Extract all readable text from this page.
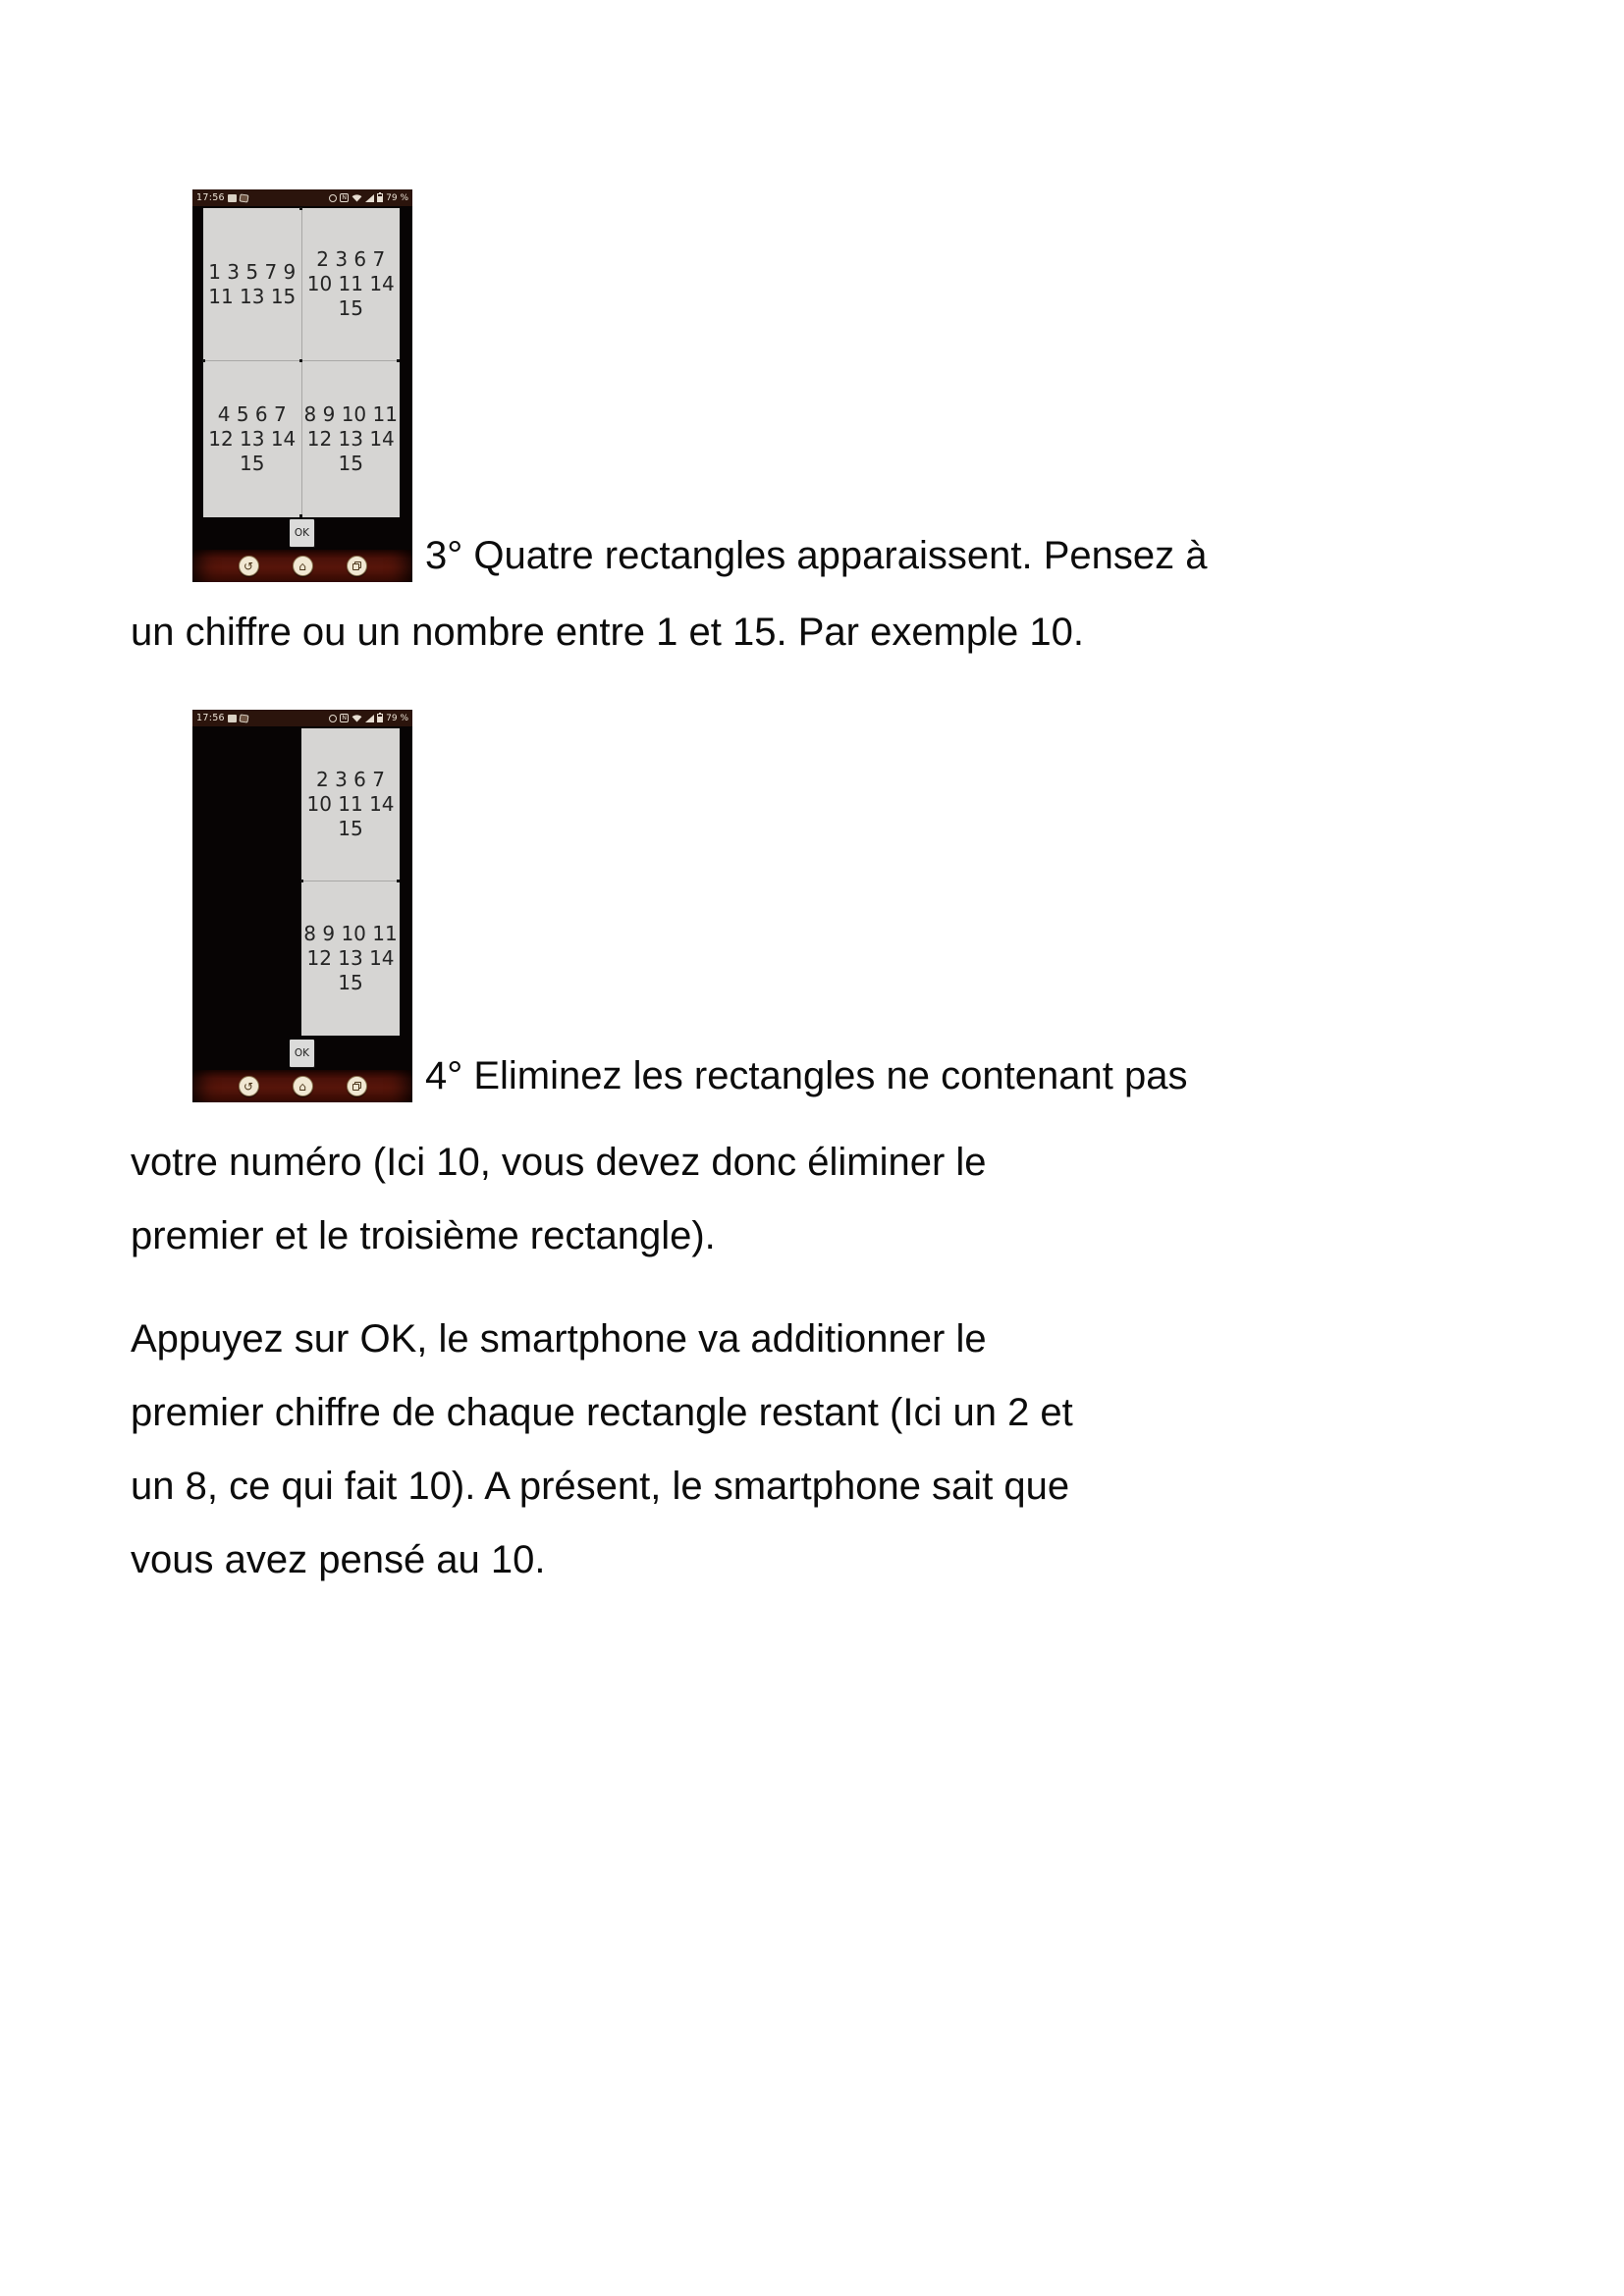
17:56	N	79 %
1 3 5 7 9
11 13 15
2 3 6 7
10 11 14
15
4 5 6 7
12 13 14
15
8 9 10 11
12 13 14
15
OK
↺	⌂	3° Quatre rectangles apparaissent. Pensez à
un chiffre ou un nombre entre 1 et 15. Par exemple 10.
17:56	N	79 %
2 3 6 7
10 11 14
15
8 9 10 11
12 13 14
15
OK
↺	⌂	4° Eliminez les rectangles ne contenant pas
votre numéro (Ici 10, vous devez donc éliminer le
premier et le troisième rectangle).
Appuyez sur OK, le smartphone va additionner le
premier chiffre de chaque rectangle restant (Ici un 2 et
un 8, ce qui fait 10). A présent, le smartphone sait que
vous avez pensé au 10.
